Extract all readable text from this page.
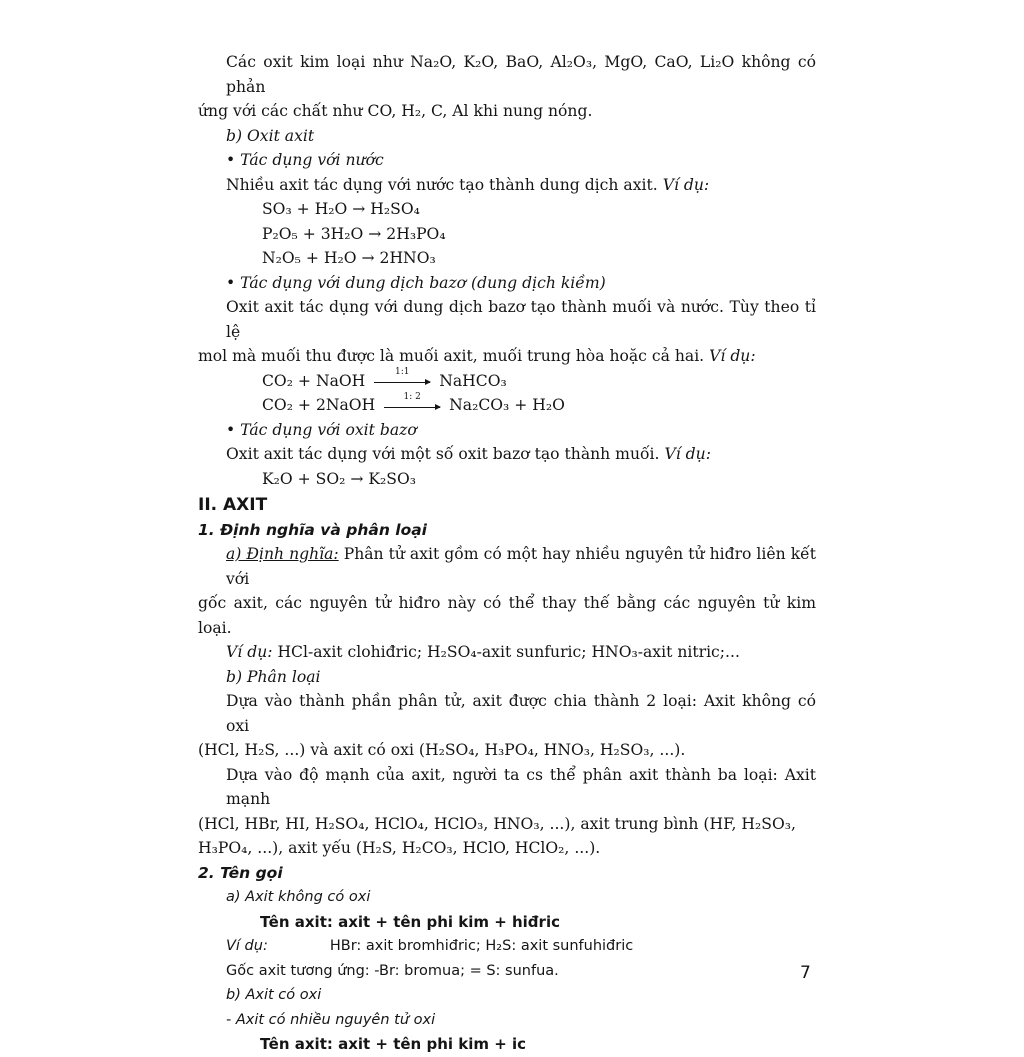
Các oxit kim loại như Na₂O, K₂O, BaO, Al₂O₃, MgO, CaO, Li₂O không có phản

ứng với các chất như CO, H₂, C, Al khi nung nóng.

b) Oxit axit

• Tác dụng với nước

Nhiều axit tác dụng với nước tạo thành dung dịch axit. Ví dụ:

SO₃ + H₂O → H₂SO₄

P₂O₅ + 3H₂O → 2H₃PO₄

N₂O₅ + H₂O → 2HNO₃

• Tác dụng với dung dịch bazơ (dung dịch kiềm)

Oxit axit tác dụng với dung dịch bazơ tạo thành muối và nước. Tùy theo tỉ lệ

mol mà muối thu được là muối axit, muối trung hòa hoặc cả hai. Ví dụ:

CO₂ + NaOH	1:1	NaHCO₃

CO₂ + 2NaOH	1: 2	Na₂CO₃ + H₂O

• Tác dụng với oxit bazơ

Oxit axit tác dụng với một số oxit bazơ tạo thành muối. Ví dụ:

K₂O + SO₂ → K₂SO₃

II. AXIT

1. Định nghĩa và phân loại

a) Định nghĩa: Phân tử axit gồm có một hay nhiều nguyên tử hiđro liên kết với

gốc axit, các nguyên tử hiđro này có thể thay thế bằng các nguyên tử kim loại.

Ví dụ: HCl-axit clohiđric; H₂SO₄-axit sunfuric; HNO₃-axit nitric;...

b) Phân loại

Dựa vào thành phần phân tử, axit được chia thành 2 loại: Axit không có oxi

(HCl, H₂S, ...) và axit có oxi (H₂SO₄, H₃PO₄, HNO₃, H₂SO₃, ...).

Dựa vào độ mạnh của axit, người ta cs thể phân axit thành ba loại: Axit mạnh

(HCl, HBr, HI, H₂SO₄, HClO₄, HClO₃, HNO₃, ...), axit trung bình (HF, H₂SO₃,

H₃PO₄, ...), axit yếu (H₂S, H₂CO₃, HClO, HClO₂, ...).

2. Tên gọi

a) Axit không có oxi

Tên axit: axit + tên phi kim + hiđric

Ví dụ:	HBr: axit bromhiđric; H₂S: axit sunfuhiđric

Gốc axit tương ứng: -Br: bromua; = S: sunfua.

b) Axit có oxi

- Axit có nhiều nguyên tử oxi

Tên axit: axit + tên phi kim + ic

7
